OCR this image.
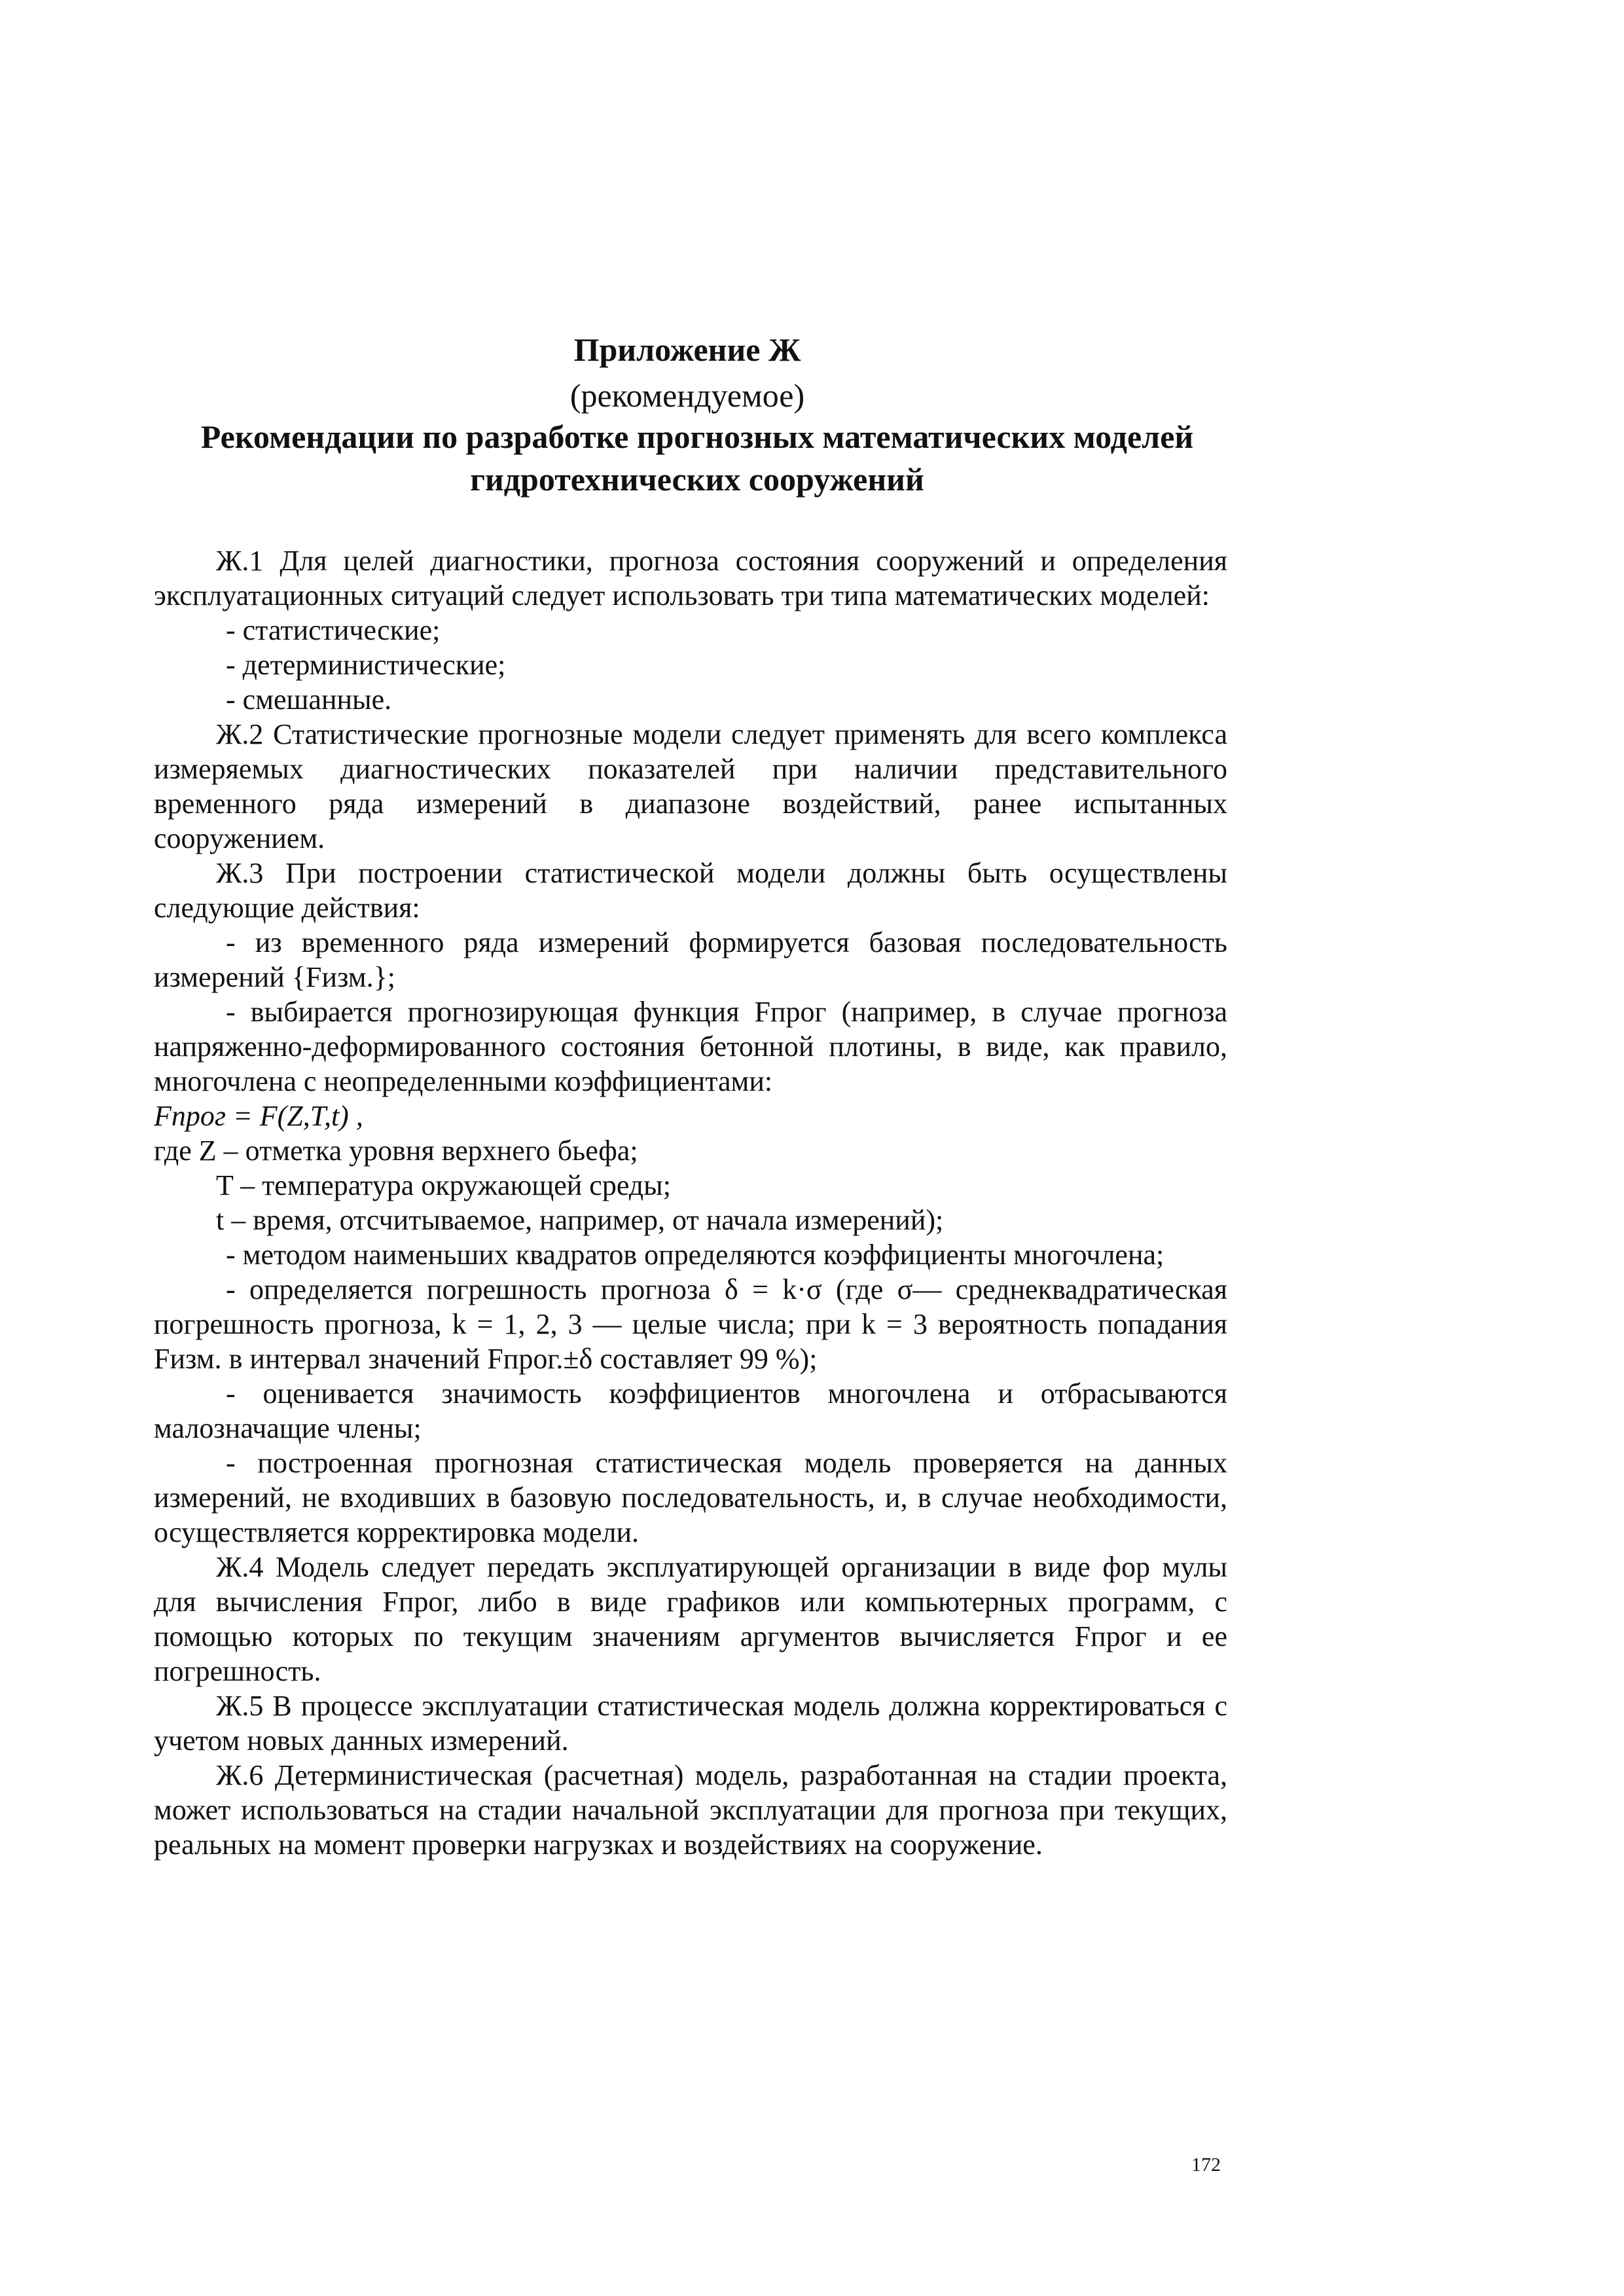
Приложение Ж
(рекомендуемое)
Рекомендации по разработке прогнозных математических моделей гидротехнических сооружений

Ж.1 Для целей диагностики, прогноза состояния сооружений и определения эксплуатационных ситуаций следует использовать три типа математических моделей:

- статистические;

- детерминистические;

- смешанные.

Ж.2 Статистические прогнозные модели следует применять для всего комплекса измеряемых диагностических показателей при наличии представительного временного ряда измерений в диапазоне воздействий, ранее испытанных сооружением.

Ж.3 При построении статистической модели должны быть осуществлены следующие действия:

- из временного ряда измерений формируется базовая последовательность измерений {Fизм.};

- выбирается прогнозирующая функция Fпрог (например, в случае прогноза напряженно-деформированного состояния бетонной плотины, в виде, как правило, многочлена с неопределенными коэффициентами:

Fпрог = F(Z,T,t) ,

где Z – отметка уровня верхнего бьефа;

T – температура окружающей среды;

t – время, отсчитываемое, например, от начала измерений);

- методом наименьших квадратов определяются коэффициенты многочлена;

- определяется погрешность прогноза δ = k·σ (где σ— среднеквадратическая погрешность прогноза, k = 1, 2, 3 — целые числа; при k = 3 вероятность попадания Fизм. в интервал значений Fпрог.±δ составляет 99 %);

- оценивается значимость коэффициентов многочлена и отбрасываются малозначащие члены;

- построенная прогнозная статистическая модель проверяется на данных измерений, не входивших в базовую последовательность, и, в случае необходимости, осуществляется корректировка модели.

Ж.4 Модель следует передать эксплуатирующей организации в виде фор мулы для вычисления Fпрог, либо в виде графиков или компьютерных программ, с помощью которых по текущим значениям аргументов вычисляется Fпрог и ее погрешность.

Ж.5 В процессе эксплуатации статистическая модель должна корректироваться с учетом новых данных измерений.

Ж.6 Детерминистическая (расчетная) модель, разработанная на стадии проекта, может использоваться на стадии начальной эксплуатации для прогноза при текущих, реальных на момент проверки нагрузках и воздействиях на сооружение.

172
